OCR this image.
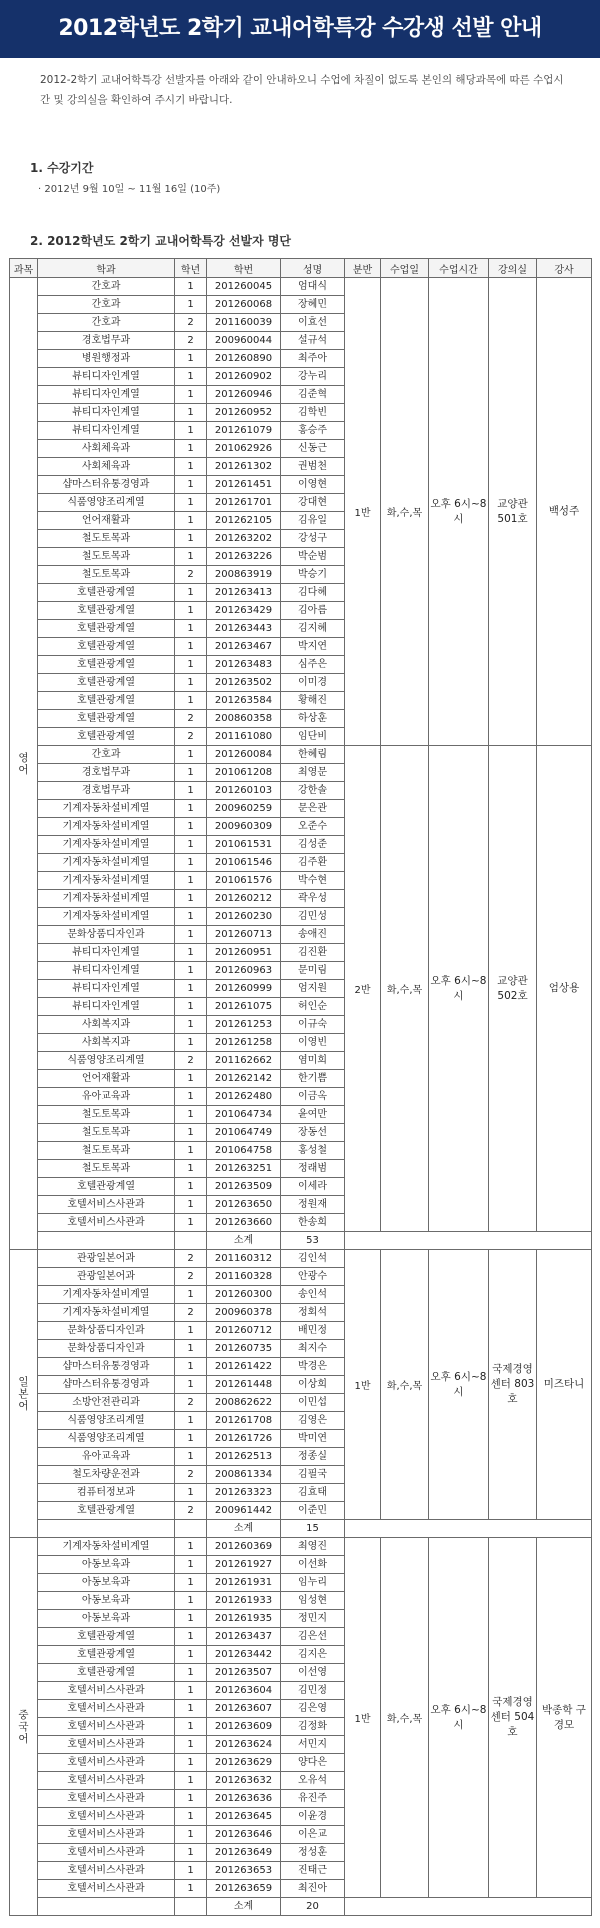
2012학년도 2학기 교내어학특강 수강생 선발 안내
2012-2학기 교내어학특강 선발자를 아래와 같이 안내하오니 수업에 차질이 없도록 본인의 해당과목에 따른 수업시간 및 강의실을 확인하여 주시기 바랍니다.
1. 수강기간
· 2012년 9월 10일 ~ 11월 16일 (10주)
2. 2012학년도 2학기 교내어학특강 선발자 명단
과목	학과	학년	학번	성명	분반	수업일	수업시간	강의실	강사
영어	간호과	1	201260045	엄대식	1반	화,수,목	오후 6시~8시	교양관 501호	백성주
	간호과	1	201260068	장혜민					
	간호과	2	201160039	이효선					
	경호법무과	2	200960044	설규석					
	병원행정과	1	201260890	최주아					
	뷰티디자인계열	1	201260902	강누리					
	뷰티디자인계열	1	201260946	김준혁					
	뷰티디자인계열	1	201260952	김학빈					
	뷰티디자인계열	1	201261079	홍승주					
	사회체육과	1	201062926	신동근					
	사회체육과	1	201261302	권범천					
	샵마스터유통경영과	1	201261451	이영현					
	식품영양조리계열	1	201261701	강대현					
	언어재활과	1	201262105	김유일					
	철도토목과	1	201263202	강성구					
	철도토목과	1	201263226	박순범					
	철도토목과	2	200863919	박승기					
	호텔관광계열	1	201263413	김다혜					
	호텔관광계열	1	201263429	김아름					
	호텔관광계열	1	201263443	김지혜					
	호텔관광계열	1	201263467	박지연					
	호텔관광계열	1	201263483	심주은					
	호텔관광계열	1	201263502	이미경					
	호텔관광계열	1	201263584	황해진					
	호텔관광계열	2	200860358	하상훈					
	호텔관광계열	2	201161080	임단비					
	간호과	1	201260084	한혜림	2반	화,수,목	오후 6시~8시	교양관 502호	엄상용
	경호법무과	1	201061208	최영문					
	경호법무과	1	201260103	강한솔					
	기계자동차설비계열	1	200960259	문은관					
	기계자동차설비계열	1	200960309	오준수					
	기계자동차설비계열	1	201061531	김성준					
	기계자동차설비계열	1	201061546	김주환					
	기계자동차설비계열	1	201061576	박수현					
	기계자동차설비계열	1	201260212	곽우성					
	기계자동차설비계열	1	201260230	김민성					
	문화상품디자인과	1	201260713	송애진					
	뷰티디자인계열	1	201260951	김진환					
	뷰티디자인계열	1	201260963	문미림					
	뷰티디자인계열	1	201260999	엄지원					
	뷰티디자인계열	1	201261075	허인순					
	사회복지과	1	201261253	이규숙					
	사회복지과	1	201261258	이영빈					
	식품영양조리계열	2	201162662	염미희					
	언어재활과	1	201262142	한기쁨					
	유아교육과	1	201262480	이금옥					
	철도토목과	1	201064734	윤여만					
	철도토목과	1	201064749	장동선					
	철도토목과	1	201064758	홍성철					
	철도토목과	1	201263251	정래범					
	호텔관광계열	1	201263509	이세라					
	호텔서비스사관과	1	201263650	정원재					
	호텔서비스사관과	1	201263660	한송희					
			소계	53					
일본어	관광일본어과	2	201160312	김인석	1반	화,수,목	오후 6시~8시	국제경영센터 803호	미즈타니
	관광일본어과	2	201160328	안광수					
	기계자동차설비계열	1	201260300	송인석					
	기계자동차설비계열	2	200960378	정회석					
	문화상품디자인과	1	201260712	배민정					
	문화상품디자인과	1	201260735	최지수					
	샵마스터유통경영과	1	201261422	박경은					
	샵마스터유통경영과	1	201261448	이상희					
	소방안전관리과	2	200862622	이민섭					
	식품영양조리계열	1	201261708	김영은					
	식품영양조리계열	1	201261726	박미연					
	유아교육과	1	201262513	정종실					
	철도차량운전과	2	200861334	김필국					
	컴퓨터정보과	1	201263323	김효태					
	호텔관광계열	2	200961442	이준민					
			소계	15					
중국어	기계자동차설비계열	1	201260369	최영진	1반	화,수,목	오후 6시~8시	국제경영센터 504호	박종학 구경모
	아동보육과	1	201261927	이선화					
	아동보육과	1	201261931	임누리					
	아동보육과	1	201261933	임성현					
	아동보육과	1	201261935	정민지					
	호텔관광계열	1	201263437	김은선					
	호텔관광계열	1	201263442	김지은					
	호텔관광계열	1	201263507	이선영					
	호텔서비스사관과	1	201263604	김민정					
	호텔서비스사관과	1	201263607	김은영					
	호텔서비스사관과	1	201263609	김정화					
	호텔서비스사관과	1	201263624	서민지					
	호텔서비스사관과	1	201263629	양다은					
	호텔서비스사관과	1	201263632	오유석					
	호텔서비스사관과	1	201263636	유진주					
	호텔서비스사관과	1	201263645	이윤경					
	호텔서비스사관과	1	201263646	이은교					
	호텔서비스사관과	1	201263649	정성훈					
	호텔서비스사관과	1	201263653	진태근					
	호텔서비스사관과	1	201263659	최진아					
			소계	20					
